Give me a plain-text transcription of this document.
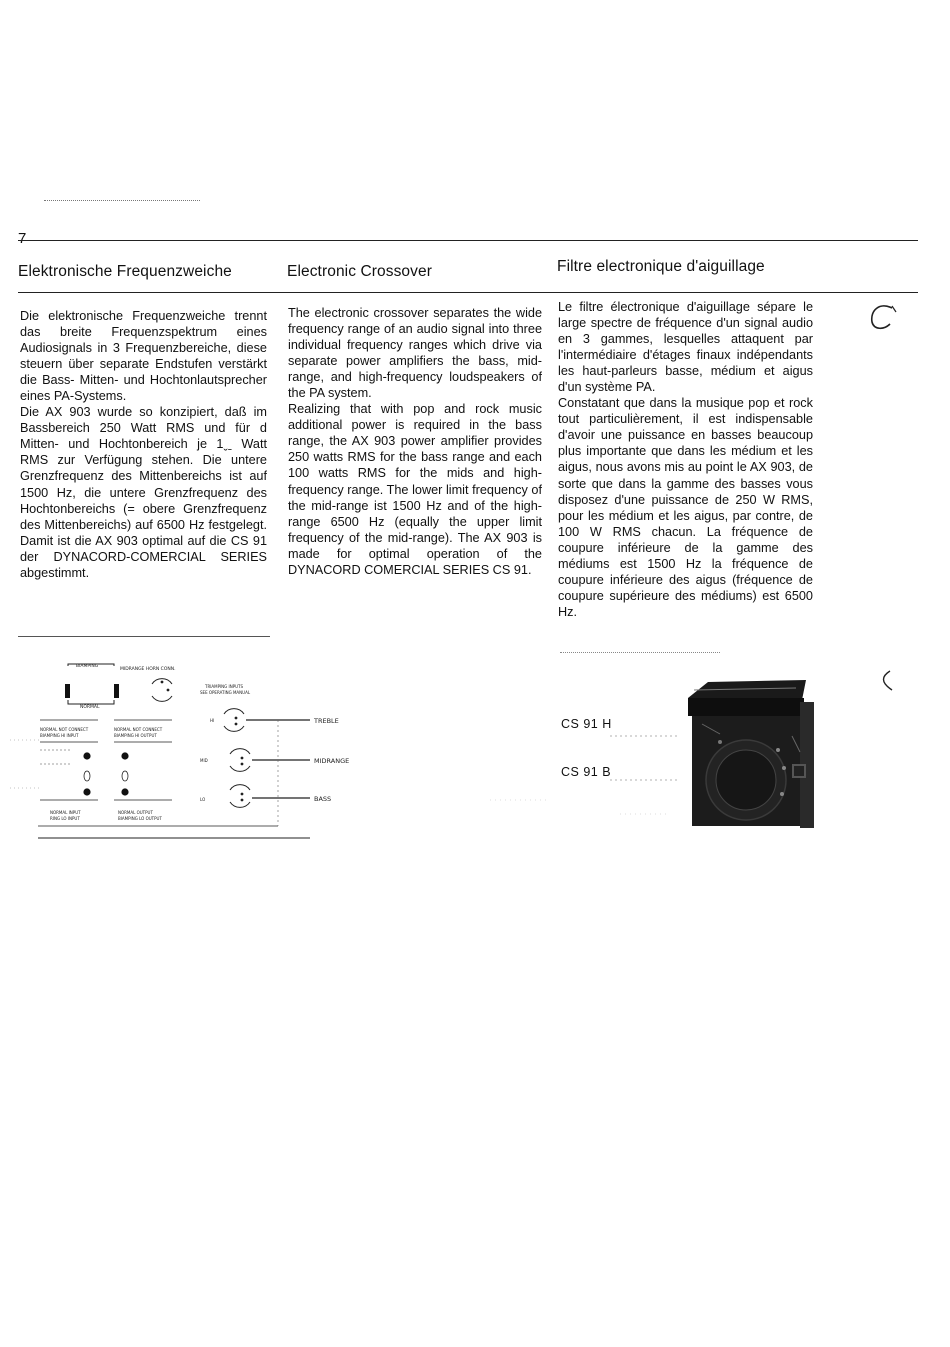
7
Elektronische Frequenzweiche	Electronic Crossover	Filtre electronique d'aiguillage
Die elektronische Frequenzweiche trennt das breite Frequenzspektrum eines Audiosignals in 3 Frequenzbereiche, diese steuern über separate Endstufen verstärkt die Bass- Mitten- und Hochtonlautsprecher eines PA-Systems.
Die AX 903 wurde so konzipiert, daß im Bassbereich 250 Watt RMS und für d Mitten- und Hochtonbereich je 1ˬˍ Watt RMS zur Verfügung stehen. Die untere Grenzfrequenz des Mittenbereichs ist auf 1500 Hz, die untere Grenzfrequenz des Hochtonbereichs (= obere Grenzfrequenz des Mittenbereichs) auf 6500 Hz festgelegt. Damit ist die AX 903 optimal auf die CS 91 der DYNACORD-COMERCIAL SERIES abgestimmt.
The electronic crossover separates the wide frequency range of an audio signal into three individual frequency ranges which drive via separate power amplifiers the bass, mid-range, and high-frequency loudspeakers of the PA system.
Realizing that with pop and rock music additional power is required in the bass range, the AX 903 power amplifier provides 250 watts RMS for the bass range and each 100 watts RMS for the mids and high-frequency range. The lower limit frequency of the mid-range ist 1500 Hz and of the high-range 6500 Hz (equally the upper limit frequency of the mid-range). The AX 903 is made for optimal operation of the DYNACORD COMERCIAL SERIES CS 91.
Le filtre électronique d'aiguillage sépare le large spectre de fréquence d'un signal audio en 3 gammes, lesquelles attaquent par l'intermédiaire d'étages finaux indépendants les haut-parleurs basse, médium et aigus d'un système PA.
Constatant que dans la musique pop et rock tout particulièrement, il est indispensable d'avoir une puissance en basses beaucoup plus importante que dans les médium et les aigus, nous avons mis au point le AX 903, de sorte que dans la gamme des basses vous disposez d'une puissance de 250 W RMS, pour les médium et les aigus, par contre, de 100 W RMS chacun. La fréquence de coupure inférieure de la gamme des médiums est 1500 Hz la fréquence de coupure inférieure des aigus (fréquence de coupure supérieure des médiums) est 6500 Hz.
BIAMPING
MIDRANGE HORN CONN.
NORMAL
TRIAMPING INPUTS
SEE OPERATING MANUAL
NORMAL NOT CONNECT
BIAMPING HI INPUT
NORMAL NOT CONNECT
BIAMPING HI OUTPUT
NORMAL INPUT
RING LO INPUT
NORMAL OUTPUT
BIAMPING LO OUTPUT
HI
MID
LO
TREBLE
MIDRANGE
BASS
CS 91 H
CS 91 B
